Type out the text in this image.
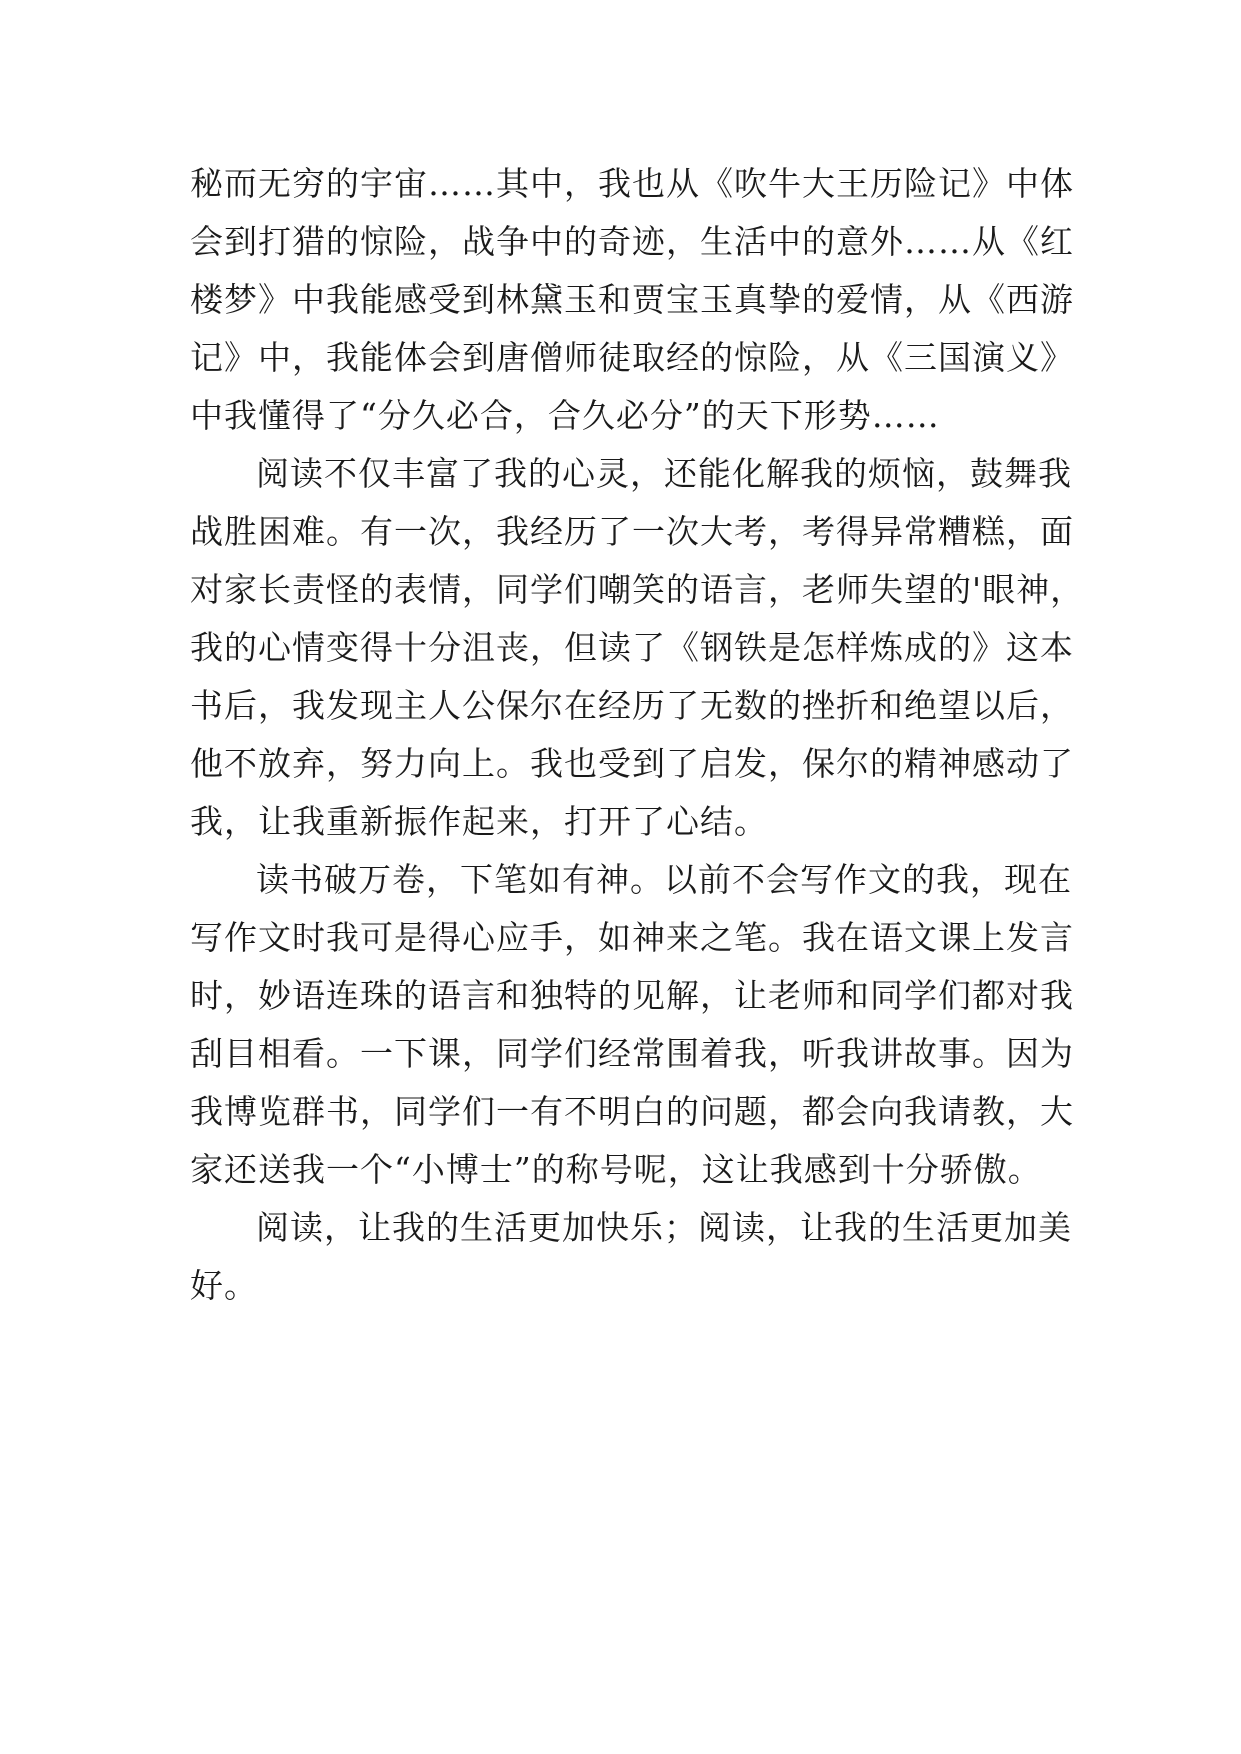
秘而无穷的宇宙……其中，我也从《吹牛大王历险记》中体
会到打猎的惊险，战争中的奇迹，生活中的意外……从《红
楼梦》中我能感受到林黛玉和贾宝玉真挚的爱情，从《西游
记》中，我能体会到唐僧师徒取经的惊险，从《三国演义》
中我懂得了“分久必合，合久必分”的天下形势……
阅读不仅丰富了我的心灵，还能化解我的烦恼，鼓舞我
战胜困难。有一次，我经历了一次大考，考得异常糟糕，面
对家长责怪的表情，同学们嘲笑的语言，老师失望的'眼神，
我的心情变得十分沮丧，但读了《钢铁是怎样炼成的》这本
书后，我发现主人公保尔在经历了无数的挫折和绝望以后，
他不放弃，努力向上。我也受到了启发，保尔的精神感动了
我，让我重新振作起来，打开了心结。
读书破万卷，下笔如有神。以前不会写作文的我，现在
写作文时我可是得心应手，如神来之笔。我在语文课上发言
时，妙语连珠的语言和独特的见解，让老师和同学们都对我
刮目相看。一下课，同学们经常围着我，听我讲故事。因为
我博览群书，同学们一有不明白的问题，都会向我请教，大
家还送我一个“小博士”的称号呢，这让我感到十分骄傲。
阅读，让我的生活更加快乐；阅读，让我的生活更加美
好。
